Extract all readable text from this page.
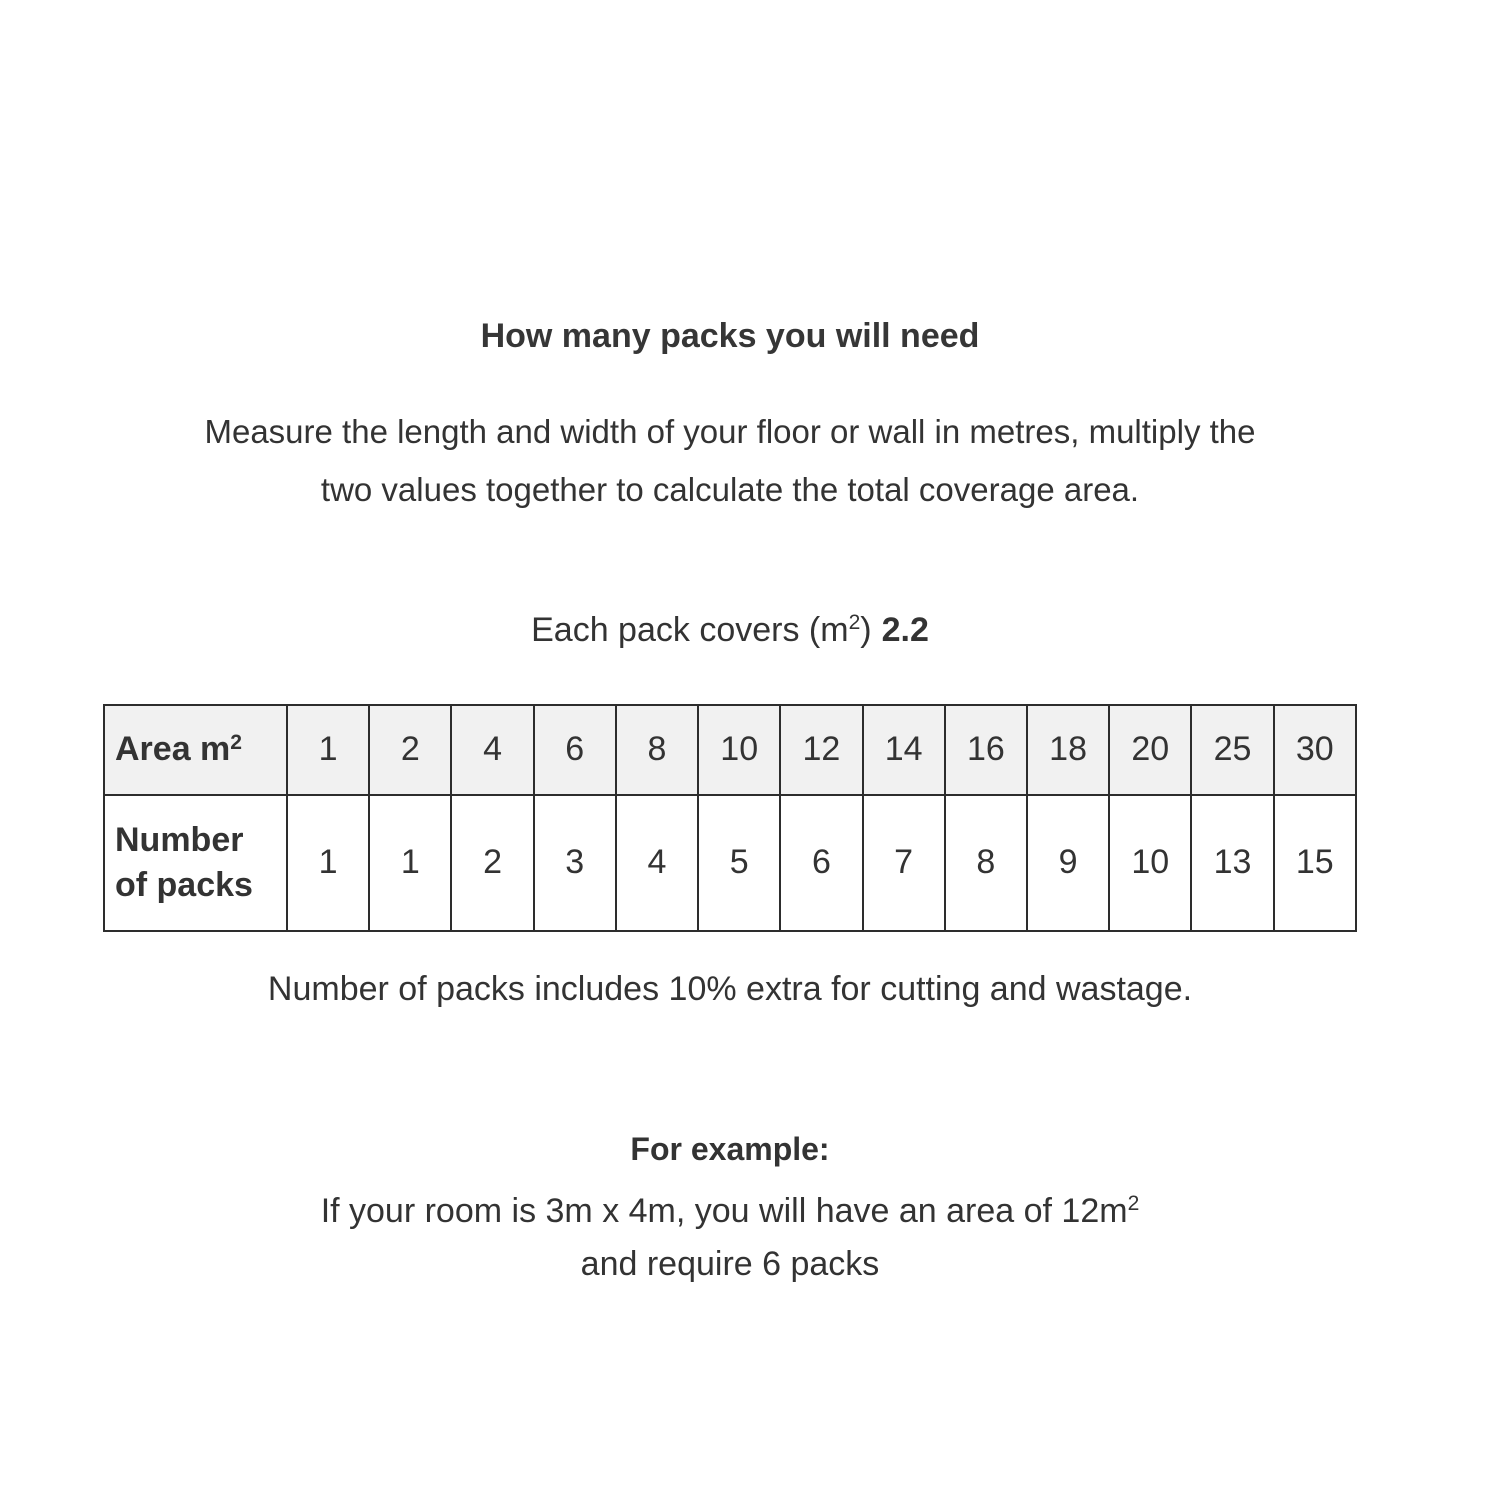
How many packs you will need

Measure the length and width of your floor or wall in metres, multiply the
two values together to calculate the total coverage area.

Each pack covers $(m^2)$ 2.2

Area $m^2$	1	2	4	6	8	10	12	14	16	18	20	25	30

Number
of packs	1	1	2	3	4	5	6	7	8	9	10	13	15

Number of packs includes 10% extra for cutting and wastage.

For example:

If your room is 3m x 4m, you will have an area of $12m^2$

and require 6 packs
